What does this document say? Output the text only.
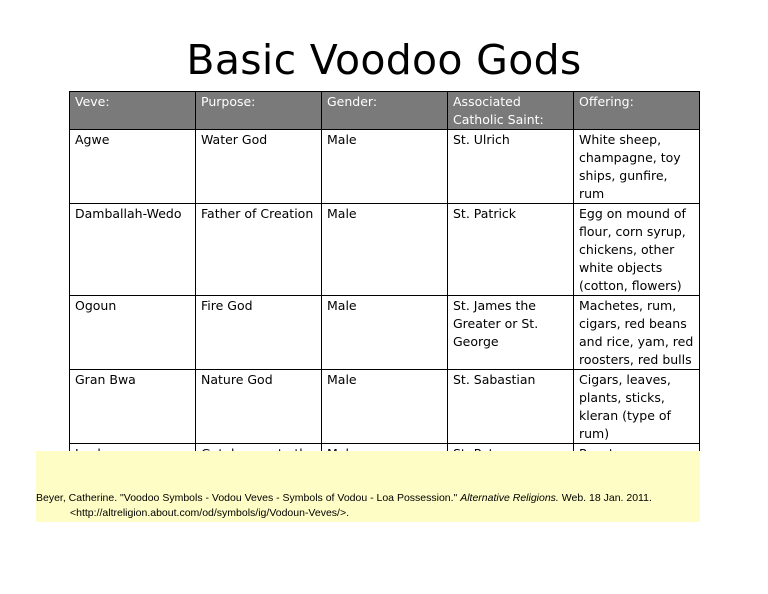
Basic Voodoo Gods
Veve:	Purpose:	Gender:	Associated Catholic Saint:	Offering:
Agwe	Water God	Male	St. Ulrich	White sheep, champagne, toy ships, gunfire, rum
Damballah-Wedo	Father of Creation	Male	St. Patrick	Egg on mound of flour, corn syrup, chickens, other white objects (cotton, flowers)
Ogoun	Fire God	Male	St. James the Greater or St. George	Machetes, rum, cigars, red beans and rice, yam, red roosters, red bulls
Gran Bwa	Nature God	Male	St. Sabastian	Cigars, leaves, plants, sticks, kleran (type of rum)

Beyer, Catherine. "Voodoo Symbols - Vodou Veves - Symbols of Vodou - Loa Possession." Alternative Religions. Web. 18 Jan. 2011.
<http://altreligion.about.com/od/symbols/ig/Vodoun-Veves/>.
